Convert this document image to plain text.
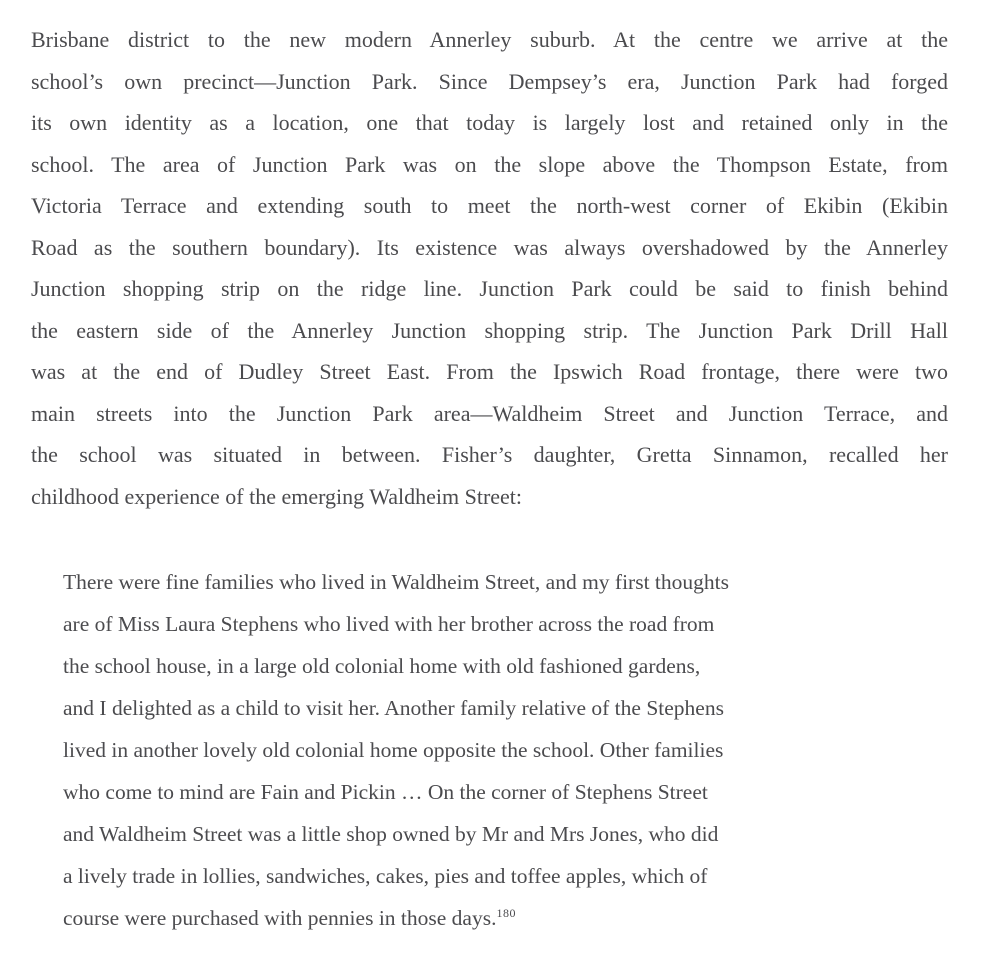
Brisbane district to the new modern Annerley suburb. At the centre we arrive at the
school’s own precinct—Junction Park. Since Dempsey’s era, Junction Park had forged
its own identity as a location, one that today is largely lost and retained only in the
school. The area of Junction Park was on the slope above the Thompson Estate, from
Victoria Terrace and extending south to meet the north-west corner of Ekibin (Ekibin
Road as the southern boundary). Its existence was always overshadowed by the Annerley
Junction shopping strip on the ridge line. Junction Park could be said to finish behind
the eastern side of the Annerley Junction shopping strip. The Junction Park Drill Hall
was at the end of Dudley Street East. From the Ipswich Road frontage, there were two
main streets into the Junction Park area—Waldheim Street and Junction Terrace, and
the school was situated in between. Fisher’s daughter, Gretta Sinnamon, recalled her
childhood experience of the emerging Waldheim Street:
There were fine families who lived in Waldheim Street, and my first thoughts
are of Miss Laura Stephens who lived with her brother across the road from
the school house, in a large old colonial home with old fashioned gardens,
and I delighted as a child to visit her. Another family relative of the Stephens
lived in another lovely old colonial home opposite the school. Other families
who come to mind are Fain and Pickin … On the corner of Stephens Street
and Waldheim Street was a little shop owned by Mr and Mrs Jones, who did
a lively trade in lollies, sandwiches, cakes, pies and toffee apples, which of
course were purchased with pennies in those days.$^{180}$
